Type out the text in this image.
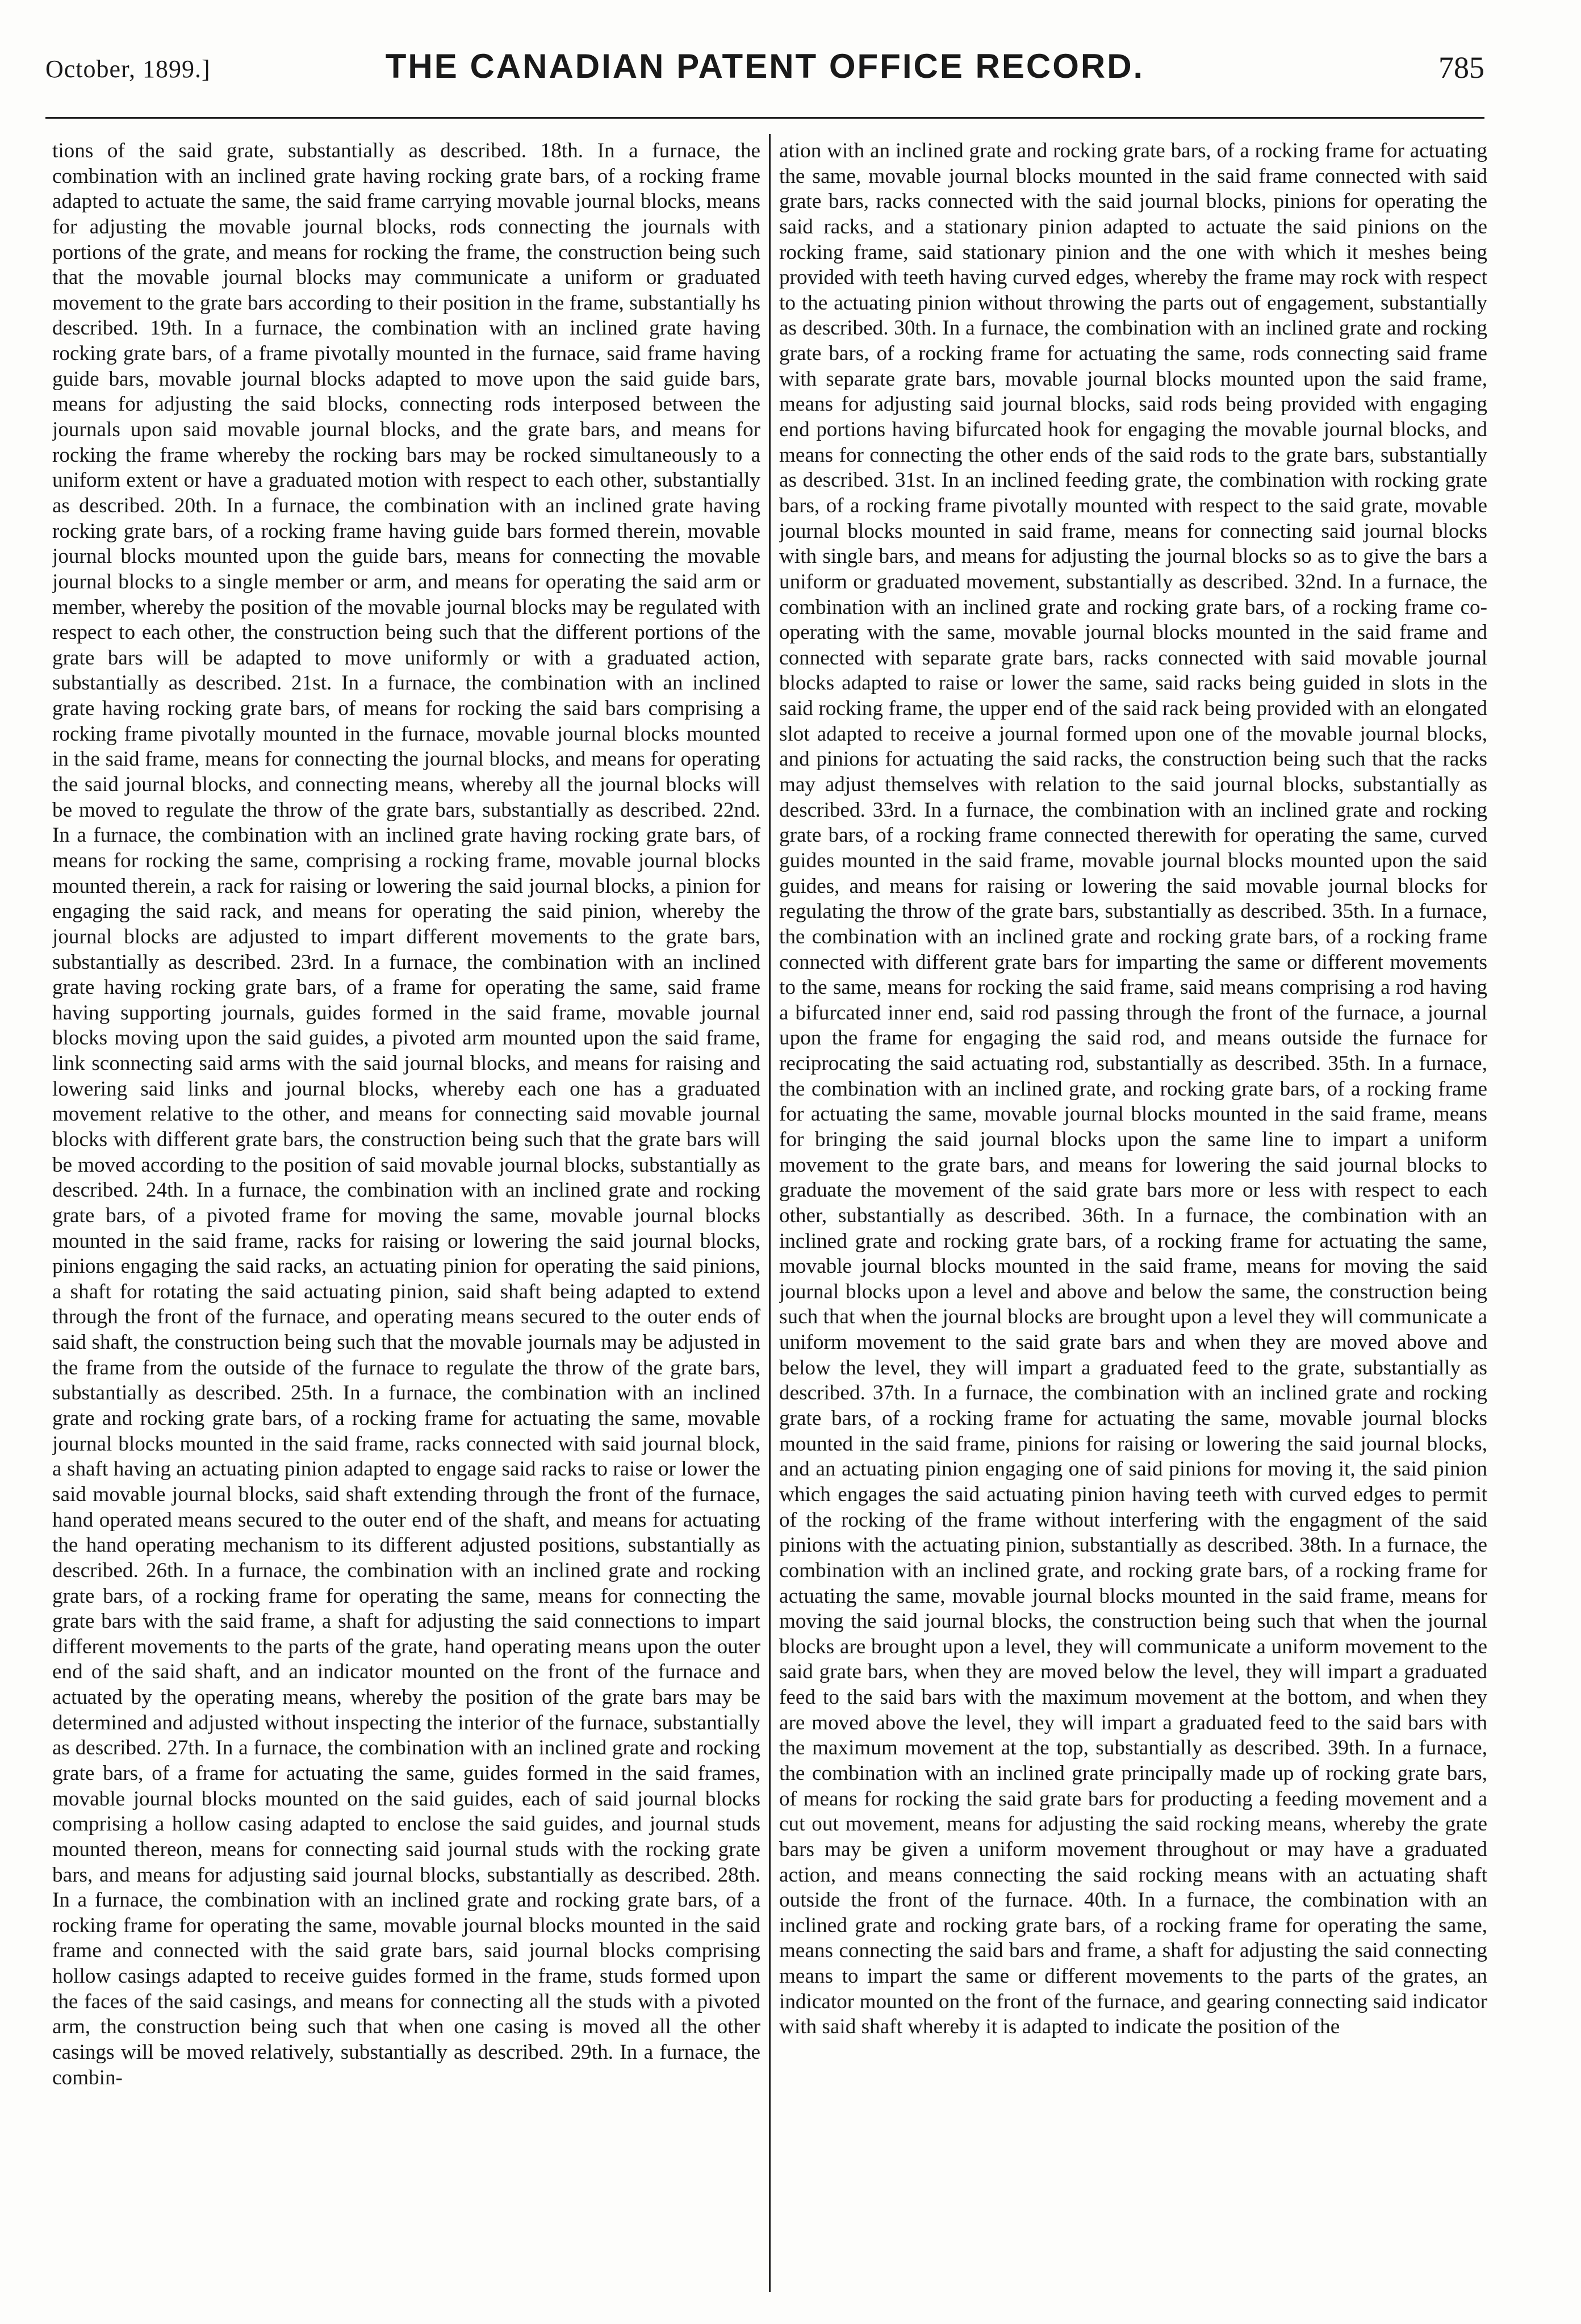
October, 1899.]	THE CANADIAN PATENT OFFICE RECORD.	785
tions of the said grate, substantially as described. 18th. In a furnace, the combination with an inclined grate having rocking grate bars, of a rocking frame adapted to actuate the same, the said frame carrying movable journal blocks, means for adjusting the movable journal blocks, rods connecting the journals with portions of the grate, and means for rocking the frame, the construction being such that the movable journal blocks may communicate a uniform or graduated movement to the grate bars according to their position in the frame, substantially hs described. 19th. In a furnace, the combination with an inclined grate having rocking grate bars, of a frame pivotally mounted in the furnace, said frame having guide bars, movable journal blocks adapted to move upon the said guide bars, means for adjusting the said blocks, connecting rods interposed between the journals upon said movable journal blocks, and the grate bars, and means for rocking the frame whereby the rocking bars may be rocked simultaneously to a uniform extent or have a graduated motion with respect to each other, substantially as described. 20th. In a furnace, the combination with an inclined grate having rocking grate bars, of a rocking frame having guide bars formed therein, movable journal blocks mounted upon the guide bars, means for connecting the movable journal blocks to a single member or arm, and means for operating the said arm or member, whereby the position of the movable journal blocks may be regulated with respect to each other, the construction being such that the different portions of the grate bars will be adapted to move uniformly or with a graduated action, substantially as described. 21st. In a furnace, the combination with an inclined grate having rocking grate bars, of means for rocking the said bars comprising a rocking frame pivotally mounted in the furnace, movable journal blocks mounted in the said frame, means for connecting the journal blocks, and means for operating the said journal blocks, and connecting means, whereby all the journal blocks will be moved to regulate the throw of the grate bars, substantially as described. 22nd. In a furnace, the combination with an inclined grate having rocking grate bars, of means for rocking the same, comprising a rocking frame, movable journal blocks mounted therein, a rack for raising or lowering the said journal blocks, a pinion for engaging the said rack, and means for operating the said pinion, whereby the journal blocks are adjusted to impart different movements to the grate bars, substantially as described. 23rd. In a furnace, the combination with an inclined grate having rocking grate bars, of a frame for operating the same, said frame having supporting journals, guides formed in the said frame, movable journal blocks moving upon the said guides, a pivoted arm mounted upon the said frame, link sconnecting said arms with the said journal blocks, and means for raising and lowering said links and journal blocks, whereby each one has a graduated movement relative to the other, and means for connecting said movable journal blocks with different grate bars, the construction being such that the grate bars will be moved according to the position of said movable journal blocks, substantially as described. 24th. In a furnace, the combination with an inclined grate and rocking grate bars, of a pivoted frame for moving the same, movable journal blocks mounted in the said frame, racks for raising or lowering the said journal blocks, pinions engaging the said racks, an actuating pinion for operating the said pinions, a shaft for rotating the said actuating pinion, said shaft being adapted to extend through the front of the furnace, and operating means secured to the outer ends of said shaft, the construction being such that the movable journals may be adjusted in the frame from the outside of the furnace to regulate the throw of the grate bars, substantially as described. 25th. In a furnace, the combination with an inclined grate and rocking grate bars, of a rocking frame for actuating the same, movable journal blocks mounted in the said frame, racks connected with said journal block, a shaft having an actuating pinion adapted to engage said racks to raise or lower the said movable journal blocks, said shaft extending through the front of the furnace, hand operated means secured to the outer end of the shaft, and means for actuating the hand operating mechanism to its different adjusted positions, substantially as described. 26th. In a furnace, the combination with an inclined grate and rocking grate bars, of a rocking frame for operating the same, means for connecting the grate bars with the said frame, a shaft for adjusting the said connections to impart different movements to the parts of the grate, hand operating means upon the outer end of the said shaft, and an indicator mounted on the front of the furnace and actuated by the operating means, whereby the position of the grate bars may be determined and adjusted without inspecting the interior of the furnace, substantially as described. 27th. In a furnace, the combination with an inclined grate and rocking grate bars, of a frame for actuating the same, guides formed in the said frames, movable journal blocks mounted on the said guides, each of said journal blocks comprising a hollow casing adapted to enclose the said guides, and journal studs mounted thereon, means for connecting said journal studs with the rocking grate bars, and means for adjusting said journal blocks, substantially as described. 28th. In a furnace, the combination with an inclined grate and rocking grate bars, of a rocking frame for operating the same, movable journal blocks mounted in the said frame and connected with the said grate bars, said journal blocks comprising hollow casings adapted to receive guides formed in the frame, studs formed upon the faces of the said casings, and means for connecting all the studs with a pivoted arm, the construction being such that when one casing is moved all the other casings will be moved relatively, substantially as described. 29th. In a furnace, the combin-
ation with an inclined grate and rocking grate bars, of a rocking frame for actuating the same, movable journal blocks mounted in the said frame connected with said grate bars, racks connected with the said journal blocks, pinions for operating the said racks, and a stationary pinion adapted to actuate the said pinions on the rocking frame, said stationary pinion and the one with which it meshes being provided with teeth having curved edges, whereby the frame may rock with respect to the actuating pinion without throwing the parts out of engagement, substantially as described. 30th. In a furnace, the combination with an inclined grate and rocking grate bars, of a rocking frame for actuating the same, rods connecting said frame with separate grate bars, movable journal blocks mounted upon the said frame, means for adjusting said journal blocks, said rods being provided with engaging end portions having bifurcated hook for engaging the movable journal blocks, and means for connecting the other ends of the said rods to the grate bars, substantially as described. 31st. In an inclined feeding grate, the combination with rocking grate bars, of a rocking frame pivotally mounted with respect to the said grate, movable journal blocks mounted in said frame, means for connecting said journal blocks with single bars, and means for adjusting the journal blocks so as to give the bars a uniform or graduated movement, substantially as described. 32nd. In a furnace, the combination with an inclined grate and rocking grate bars, of a rocking frame co-operating with the same, movable journal blocks mounted in the said frame and connected with separate grate bars, racks connected with said movable journal blocks adapted to raise or lower the same, said racks being guided in slots in the said rocking frame, the upper end of the said rack being provided with an elongated slot adapted to receive a journal formed upon one of the movable journal blocks, and pinions for actuating the said racks, the construction being such that the racks may adjust themselves with relation to the said journal blocks, substantially as described. 33rd. In a furnace, the combination with an inclined grate and rocking grate bars, of a rocking frame connected therewith for operating the same, curved guides mounted in the said frame, movable journal blocks mounted upon the said guides, and means for raising or lowering the said movable journal blocks for regulating the throw of the grate bars, substantially as described. 35th. In a furnace, the combination with an inclined grate and rocking grate bars, of a rocking frame connected with different grate bars for imparting the same or different movements to the same, means for rocking the said frame, said means comprising a rod having a bifurcated inner end, said rod passing through the front of the furnace, a journal upon the frame for engaging the said rod, and means outside the furnace for reciprocating the said actuating rod, substantially as described. 35th. In a furnace, the combination with an inclined grate, and rocking grate bars, of a rocking frame for actuating the same, movable journal blocks mounted in the said frame, means for bringing the said journal blocks upon the same line to impart a uniform movement to the grate bars, and means for lowering the said journal blocks to graduate the movement of the said grate bars more or less with respect to each other, substantially as described. 36th. In a furnace, the combination with an inclined grate and rocking grate bars, of a rocking frame for actuating the same, movable journal blocks mounted in the said frame, means for moving the said journal blocks upon a level and above and below the same, the construction being such that when the journal blocks are brought upon a level they will communicate a uniform movement to the said grate bars and when they are moved above and below the level, they will impart a graduated feed to the grate, substantially as described. 37th. In a furnace, the combination with an inclined grate and rocking grate bars, of a rocking frame for actuating the same, movable journal blocks mounted in the said frame, pinions for raising or lowering the said journal blocks, and an actuating pinion engaging one of said pinions for moving it, the said pinion which engages the said actuating pinion having teeth with curved edges to permit of the rocking of the frame without interfering with the engagment of the said pinions with the actuating pinion, substantially as described. 38th. In a furnace, the combination with an inclined grate, and rocking grate bars, of a rocking frame for actuating the same, movable journal blocks mounted in the said frame, means for moving the said journal blocks, the construction being such that when the journal blocks are brought upon a level, they will communicate a uniform movement to the said grate bars, when they are moved below the level, they will impart a graduated feed to the said bars with the maximum movement at the bottom, and when they are moved above the level, they will impart a graduated feed to the said bars with the maximum movement at the top, substantially as described. 39th. In a furnace, the combination with an inclined grate principally made up of rocking grate bars, of means for rocking the said grate bars for producting a feeding movement and a cut out movement, means for adjusting the said rocking means, whereby the grate bars may be given a uniform movement throughout or may have a graduated action, and means connecting the said rocking means with an actuating shaft outside the front of the furnace. 40th. In a furnace, the combination with an inclined grate and rocking grate bars, of a rocking frame for operating the same, means connecting the said bars and frame, a shaft for adjusting the said connecting means to impart the same or different movements to the parts of the grates, an indicator mounted on the front of the furnace, and gearing connecting said indicator with said shaft whereby it is adapted to indicate the position of the
